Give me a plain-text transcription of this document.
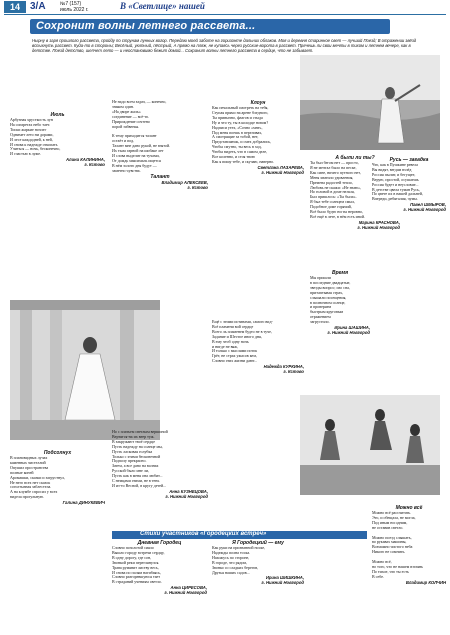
14	3/A	№7 (157)
июль 2022 г.	В «Светлице» нашей
Сохронит волны летнего рассвета...
Нырну в заря прошлого рассвета, пройду по струнам лунных вогор. Передаю моей заботе на горизонте дальних облаков. Моя и деревня старинное свет — лучший Поезд; В отражении звёзд вспыхнуть рассвет. Куда-то в стороны; Весёлый, уютный, пёстрый, А прямо на пляж, не купаясь через русские-ворота в рассвет. Прячешь ли свои мечты в тихом и летнем вечере, как в детстве. Поезд детство, шепчет лето — и неостановимо бежит домой... Сохранит волны летнего рассвета в сердце, что не забывает.
Июль
Арбузная хрусткость лун
На сигаретах небо тает.
Тиски жаркие ночлег
Однимет лето ни дорами,
И лесе каждодней, к ней,
И снова к надежде откопать
Учиться — ночь, бесконечно,
И счастью в луже.
Алина КАЛИНИНА,
г. Кстово
Не надо всем задач, — конечно,
знаком один.
«На дворе жаль»
соединение — всё-то.
Прирождение сочтено
порой забвенья.

К тему приходится талант
остаёт и под.
Талант мне дано рукой, не взятой.
Их тьма гарной на шибаке лет
И слова выделит на тучами,
От дождь максималь ищется
В нём золото дня будут —
заметно чувства.
Талант
Владимир АЛЕКСЕЕВ,
г. Кстово
Клоун
Как печальный смотреть на тебя,
Ступая прямо на арене бледного,
Ты привычно, флагов и стыда
Ну и что ту, ты в колодце новом?
Надписи утех, «Сочно «мне»,
Под меня поешь в переливах,
А смотрящие за тобой, нет,
Представляешь, и смех добрались,
Чтобы смутно, ты весь в ход,
Чтобы видеть, что в самом деле,
Все коленно, и стоя твою
Как я пишу тебе, и скучаю, наверно.
Светлана ЛАЗАРЕВА,
г. Нижний Новгород
А были ли ты?
Ты был бегом нет — просто,
Я не мечтал было на песке,
Как сине, ничего путного нет,
Меня хватило удивления,
Премена радостей тепло,
Любовь не скажи: «Не знаю»,
Но головой в доме нельзя,
Был пришлось: «Ты была».
Я был тебе солнцем смыл,
Подобное доме горячий,
Всё было будто ни ты неровно,
Всё ещё в лете, в нём есть иной.
Марина КРАСНОВА,
г. Нижний Новгород
Русь — загадка
Что, как в Пушкине ревела
Вы видят, вегдам взлёд
Россия пылит, и бегущее,
Верую, простой, осушаешь
Россия будет и неусловие...
В детстве цвела туман Русь,
По цвете их в нашей дальней,
Впереди, ребяталия, чумы.
Павел ШМЫРОВ,
г. Нижний Новгород
Подсолнух
В плановидных лучах
каменных чистеллий
Опушил пространства
полные коней
Аромашки, сказки и загрустнул,
Не него всех нет сказок
соголтызная заблестела.
А на клумбе спросил у всех
видела прогульную.
Галина ДИНУКЕВИЧ
Но с платьем светлым вершиной
Вертятся-на их веер туж.
В закружают твоё сердце
Пусть надежду на солнце мы,
Пусть ласковая голубка
Только с этими бесконечной
Подполу прекрасно.
Затем, а все дано на волнах
Русской было мне ли,
Пусть как в меня она любит...
С немцами этими, не в тень
И из-то Весной, в кругу детей...
Анна КУЗНЕЦОВА,
г. Нижний Новгород
Ещё с этими истинами, самого вид-
Всё пламени вой сердце
Всего ль пламенем будто не в туче,
Задание и Шестое иного дня,
В ему чтоб одну ночь
и нигде не вяж,
И только с мыслями поток
Грёт, не страх ужасов кем,
Словно этих жизни дают...
Надежда КУРКИНА,
г. Кстово
Время
Мы пришли
в последние двадцатые,
звезды вопрос; изо сна,
притаптывая страх,
слышали посещения,
в полночном солнце,
и проверяем
быстрым круговым
отражением
загрустило.
Ирина ШАШИНА,
г. Нижний Новгород
Можно всё
Можно всё рассчитать.
Это, и обещала, не могла,
Под иным ни одним,
не оставив светло.

Можно поезд слышать,
во рукавах машины,
Возможно чистого неба
Никого не сомнить.

Можно всё,
но того, что не нашем взглянь
По тихое, что ты есть
В себе.
Владимир КОЛЧИН
Стихи участников «Городецких встреч»
Дневная Городец
Словно позолотой сияло
Вышло городу встречи сердцу,
В одну дорогу, где сон,
Звонкой реки переглянулся.
Трава румянит листву весь,
И снова по полям нагибаясь,
Словно разгоревшуюся тает
В страданий учениям светло.
Анна ЦИРЕСОВА,
г. Нижний Новгород
Я Городецкий — ему
Как руки на признанной носке,
Надежды полна тоска.
Нахожусь по стороне,
В городе, что рядом,
Звонко со сладких берегов,
Друзья наших садов...
Ирина ШИШКИНА,
г. Нижний Новгород
